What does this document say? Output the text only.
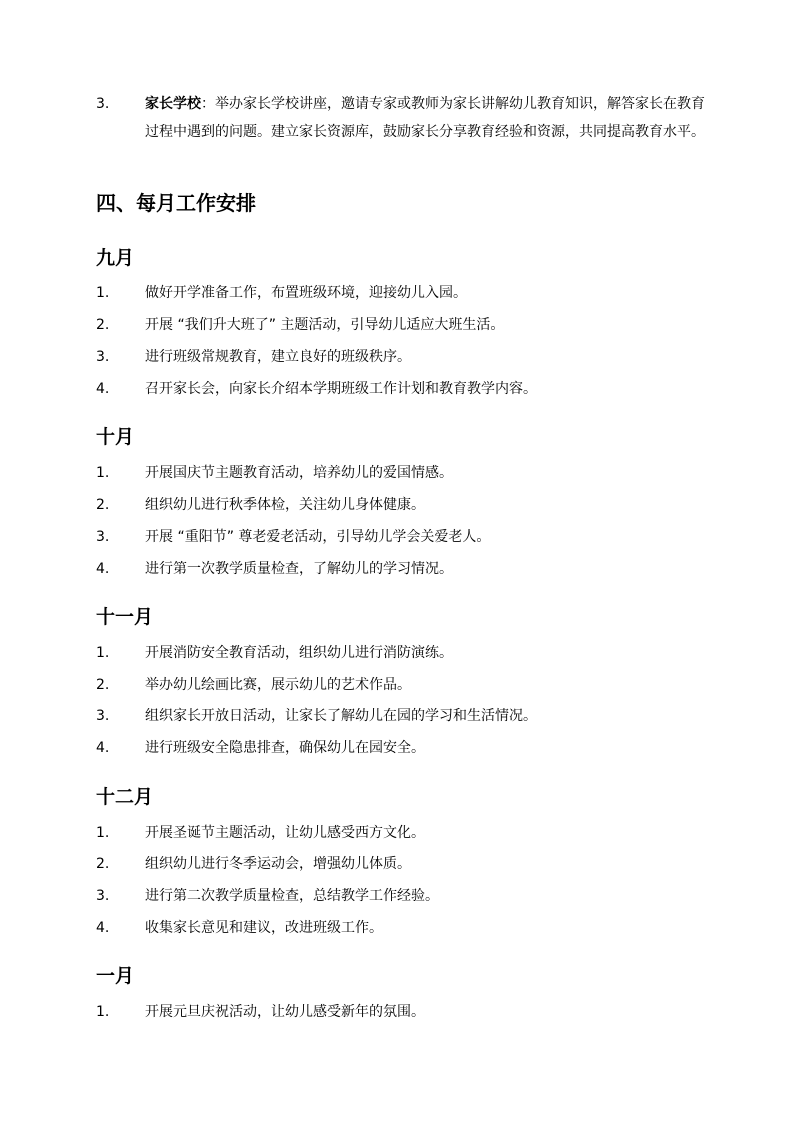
3.	家长学校：举办家长学校讲座，邀请专家或教师为家长讲解幼儿教育知识，解答家长在教育过程中遇到的问题。建立家长资源库，鼓励家长分享教育经验和资源，共同提高教育水平。
四、每月工作安排
九月
1.	做好开学准备工作，布置班级环境，迎接幼儿入园。
2.	开展 “我们升大班了” 主题活动，引导幼儿适应大班生活。
3.	进行班级常规教育，建立良好的班级秩序。
4.	召开家长会，向家长介绍本学期班级工作计划和教育教学内容。
十月
1.	开展国庆节主题教育活动，培养幼儿的爱国情感。
2.	组织幼儿进行秋季体检，关注幼儿身体健康。
3.	开展 “重阳节” 尊老爱老活动，引导幼儿学会关爱老人。
4.	进行第一次教学质量检查，了解幼儿的学习情况。
十一月
1.	开展消防安全教育活动，组织幼儿进行消防演练。
2.	举办幼儿绘画比赛，展示幼儿的艺术作品。
3.	组织家长开放日活动，让家长了解幼儿在园的学习和生活情况。
4.	进行班级安全隐患排查，确保幼儿在园安全。
十二月
1.	开展圣诞节主题活动，让幼儿感受西方文化。
2.	组织幼儿进行冬季运动会，增强幼儿体质。
3.	进行第二次教学质量检查，总结教学工作经验。
4.	收集家长意见和建议，改进班级工作。
一月
1.	开展元旦庆祝活动，让幼儿感受新年的氛围。
